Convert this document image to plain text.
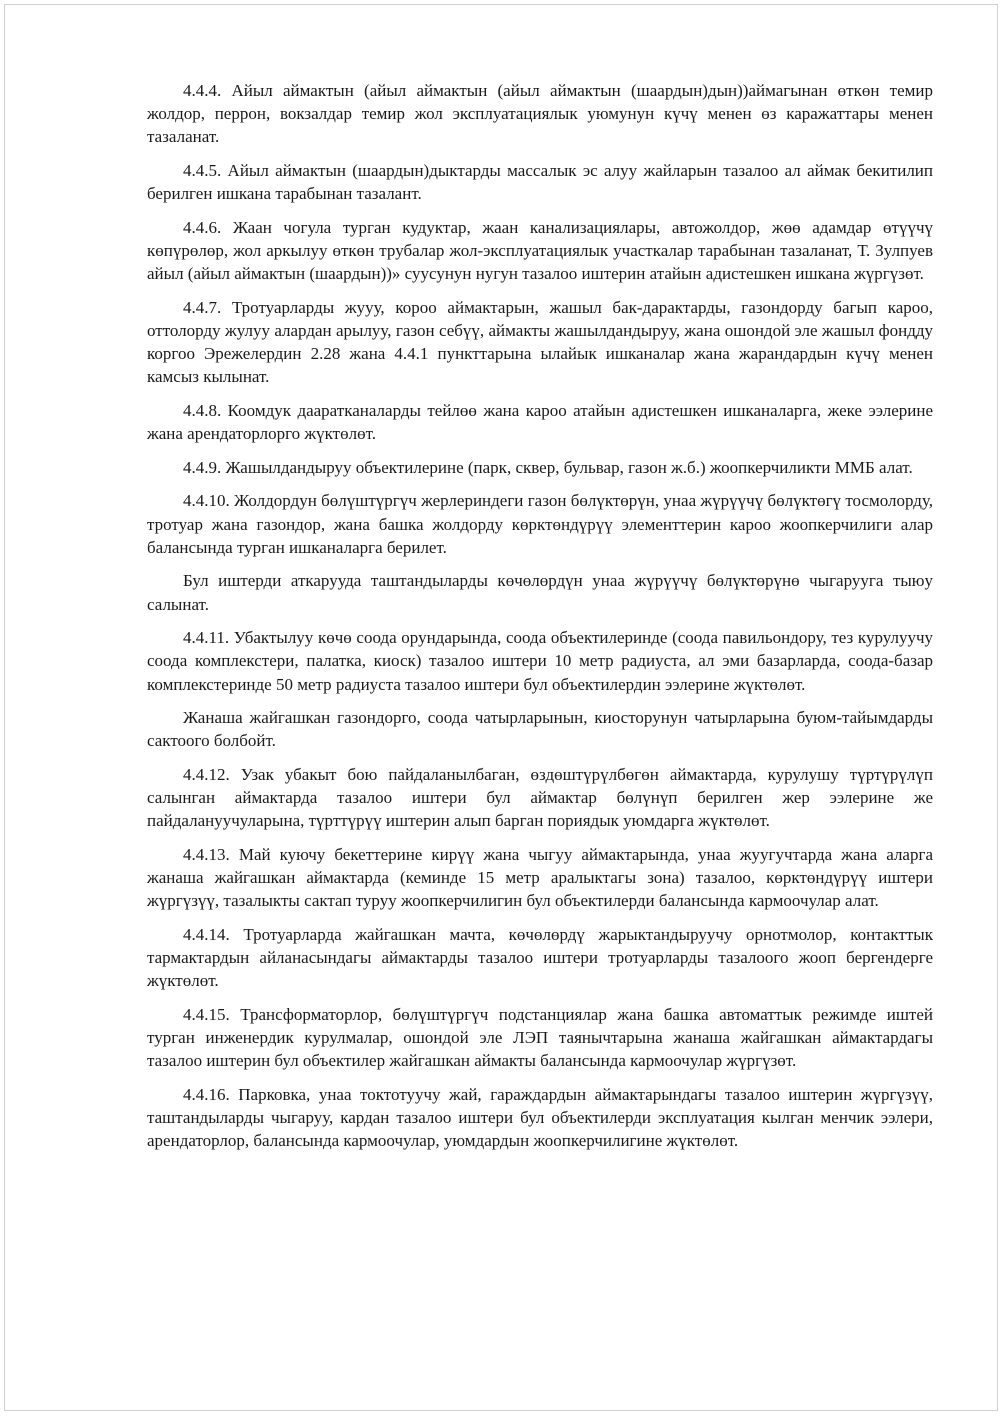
4.4.4. Айыл аймактын (айыл аймактын (айыл аймактын (шаардын)дын))аймагынан өткөн темир жолдор, перрон, вокзалдар темир жол эксплуатациялык уюмунун күчү менен өз каражаттары менен тазаланат.

4.4.5. Айыл аймактын (шаардын)дыктарды массалык эс алуу жайларын тазалоо ал аймак бекитилип берилген ишкана тарабынан тазалант.

4.4.6. Жаан чогула турган кудуктар, жаан канализациялары, автожолдор, жөө адамдар өтүүчү көпүрөлөр, жол аркылуу өткөн трубалар жол-эксплуатациялык участкалар тарабынан тазаланат, Т. Зулпуев айыл (айыл аймактын (шаардын))» суусунун нугун тазалоо иштерин атайын адистешкен ишкана жүргүзөт.

4.4.7. Тротуарларды жууу, короо аймактарын, жашыл бак-дарактарды, газондорду багып кароо, оттолорду жулуу алардан арылуу, газон себүү, аймакты жашылдандыруу, жана ошондой эле жашыл фондду коргоо Эрежелердин 2.28 жана 4.4.1 пункттарына ылайык ишканалар жана жарандардын күчү менен камсыз кылынат.

4.4.8. Коомдук дааратканаларды тейлөө жана кароо атайын адистешкен ишканаларга, жеке ээлерине жана арендаторлорго жүктөлөт.

4.4.9. Жашылдандыруу объектилерине (парк, сквер, бульвар, газон ж.б.) жоопкерчиликти ММБ алат.

4.4.10. Жолдордун бөлүштүргүч жерлериндеги газон бөлүктөрүн, унаа жүрүүчү бөлүктөгү тосмолорду, тротуар жана газондор, жана башка жолдорду көрктөндүрүү элементтерин кароо жоопкерчилиги алар балансында турган ишканаларга берилет.

Бул иштерди аткарууда таштандыларды көчөлөрдүн унаа жүрүүчү бөлүктөрүнө чыгарууга тыюу салынат.

4.4.11. Убактылуу көчө соода орундарында, соода объектилеринде (соода павильондору, тез курулуучу соода комплекстери, палатка, киоск) тазалоо иштери 10 метр радиуста, ал эми базарларда, соода-базар комплекстеринде 50 метр радиуста тазалоо иштери бул объектилердин ээлерине жүктөлөт.

Жанаша жайгашкан газондорго, соода чатырларынын, киосторунун чатырларына буюм-тайымдарды сактоого болбойт.

4.4.12. Узак убакыт бою пайдаланылбаган, өздөштүрүлбөгөн аймактарда, курулушу түртүрүлүп салынган аймактарда тазалоо иштери бул аймактар бөлүнүп берилген жер ээлерине же пайдалануучуларына, түрттүрүү иштерин алып барган пориядык уюмдарга жүктөлөт.

4.4.13. Май куючу бекеттерине кирүү жана чыгуу аймактарында, унаа жуугучтарда жана аларга жанаша жайгашкан аймактарда (кеминде 15 метр аралыктагы зона) тазалоо, көрктөндүрүү иштери жүргүзүү, тазалыкты сактап туруу жоопкерчилигин бул объектилерди балансында кармоочулар алат.

4.4.14. Тротуарларда жайгашкан мачта, көчөлөрдү жарыктандыруучу орнотмолор, контакттык тармактардын айланасындагы аймактарды тазалоо иштери тротуарларды тазалоого жооп бергендерге жүктөлөт.

4.4.15. Трансформаторлор, бөлүштүргүч подстанциялар жана башка автоматтык режимде иштей турган инженердик курулмалар, ошондой эле ЛЭП таянычтарына жанаша жайгашкан аймактардагы тазалоо иштерин бул объектилер жайгашкан аймакты балансында кармоочулар жүргүзөт.

4.4.16. Парковка, унаа токтотуучу жай, гараждардын аймактарындагы тазалоо иштерин жүргүзүү, таштандыларды чыгаруу, кардан тазалоо иштери бул объектилерди эксплуатация кылган менчик ээлери, арендаторлор, балансында кармоочулар, уюмдардын жоопкерчилигине жүктөлөт.
